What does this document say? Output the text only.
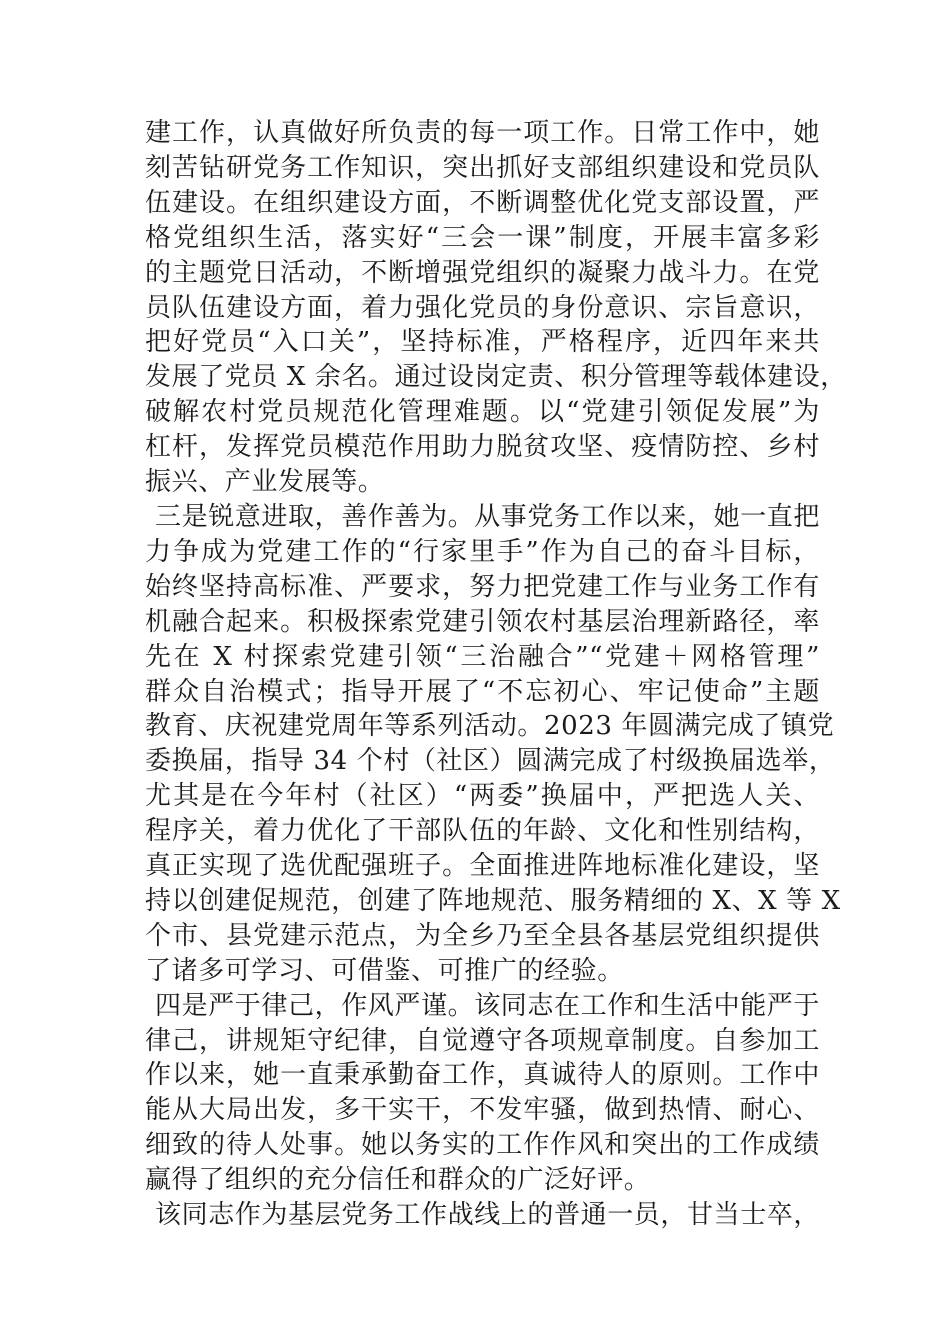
建工作，认真做好所负责的每一项工作。日常工作中，她
刻苦钻研党务工作知识，突出抓好支部组织建设和党员队
伍建设。在组织建设方面，不断调整优化党支部设置，严
格党组织生活，落实好“三会一课”制度，开展丰富多彩
的主题党日活动，不断增强党组织的凝聚力战斗力。在党
员队伍建设方面，着力强化党员的身份意识、宗旨意识，
把好党员“入口关”，坚持标准，严格程序，近四年来共
发展了党员 X 余名。通过设岗定责、积分管理等载体建设，
破解农村党员规范化管理难题。以“党建引领促发展”为
杠杆，发挥党员模范作用助力脱贫攻坚、疫情防控、乡村
振兴、产业发展等。
三是锐意进取，善作善为。从事党务工作以来，她一直把
力争成为党建工作的“行家里手”作为自己的奋斗目标，
始终坚持高标准、严要求，努力把党建工作与业务工作有
机融合起来。积极探索党建引领农村基层治理新路径，率
先在 X 村探索党建引领“三治融合”“党建＋网格管理”
群众自治模式；指导开展了“不忘初心、牢记使命”主题
教育、庆祝建党周年等系列活动。2023 年圆满完成了镇党
委换届，指导 34 个村（社区）圆满完成了村级换届选举，
尤其是在今年村（社区）“两委”换届中，严把选人关、
程序关，着力优化了干部队伍的年龄、文化和性别结构，
真正实现了选优配强班子。全面推进阵地标准化建设，坚
持以创建促规范，创建了阵地规范、服务精细的 X、X 等 X
个市、县党建示范点，为全乡乃至全县各基层党组织提供
了诸多可学习、可借鉴、可推广的经验。
四是严于律己，作风严谨。该同志在工作和生活中能严于
律己，讲规矩守纪律，自觉遵守各项规章制度。自参加工
作以来，她一直秉承勤奋工作，真诚待人的原则。工作中
能从大局出发，多干实干，不发牢骚，做到热情、耐心、
细致的待人处事。她以务实的工作作风和突出的工作成绩
赢得了组织的充分信任和群众的广泛好评。
该同志作为基层党务工作战线上的普通一员，甘当士卒，
